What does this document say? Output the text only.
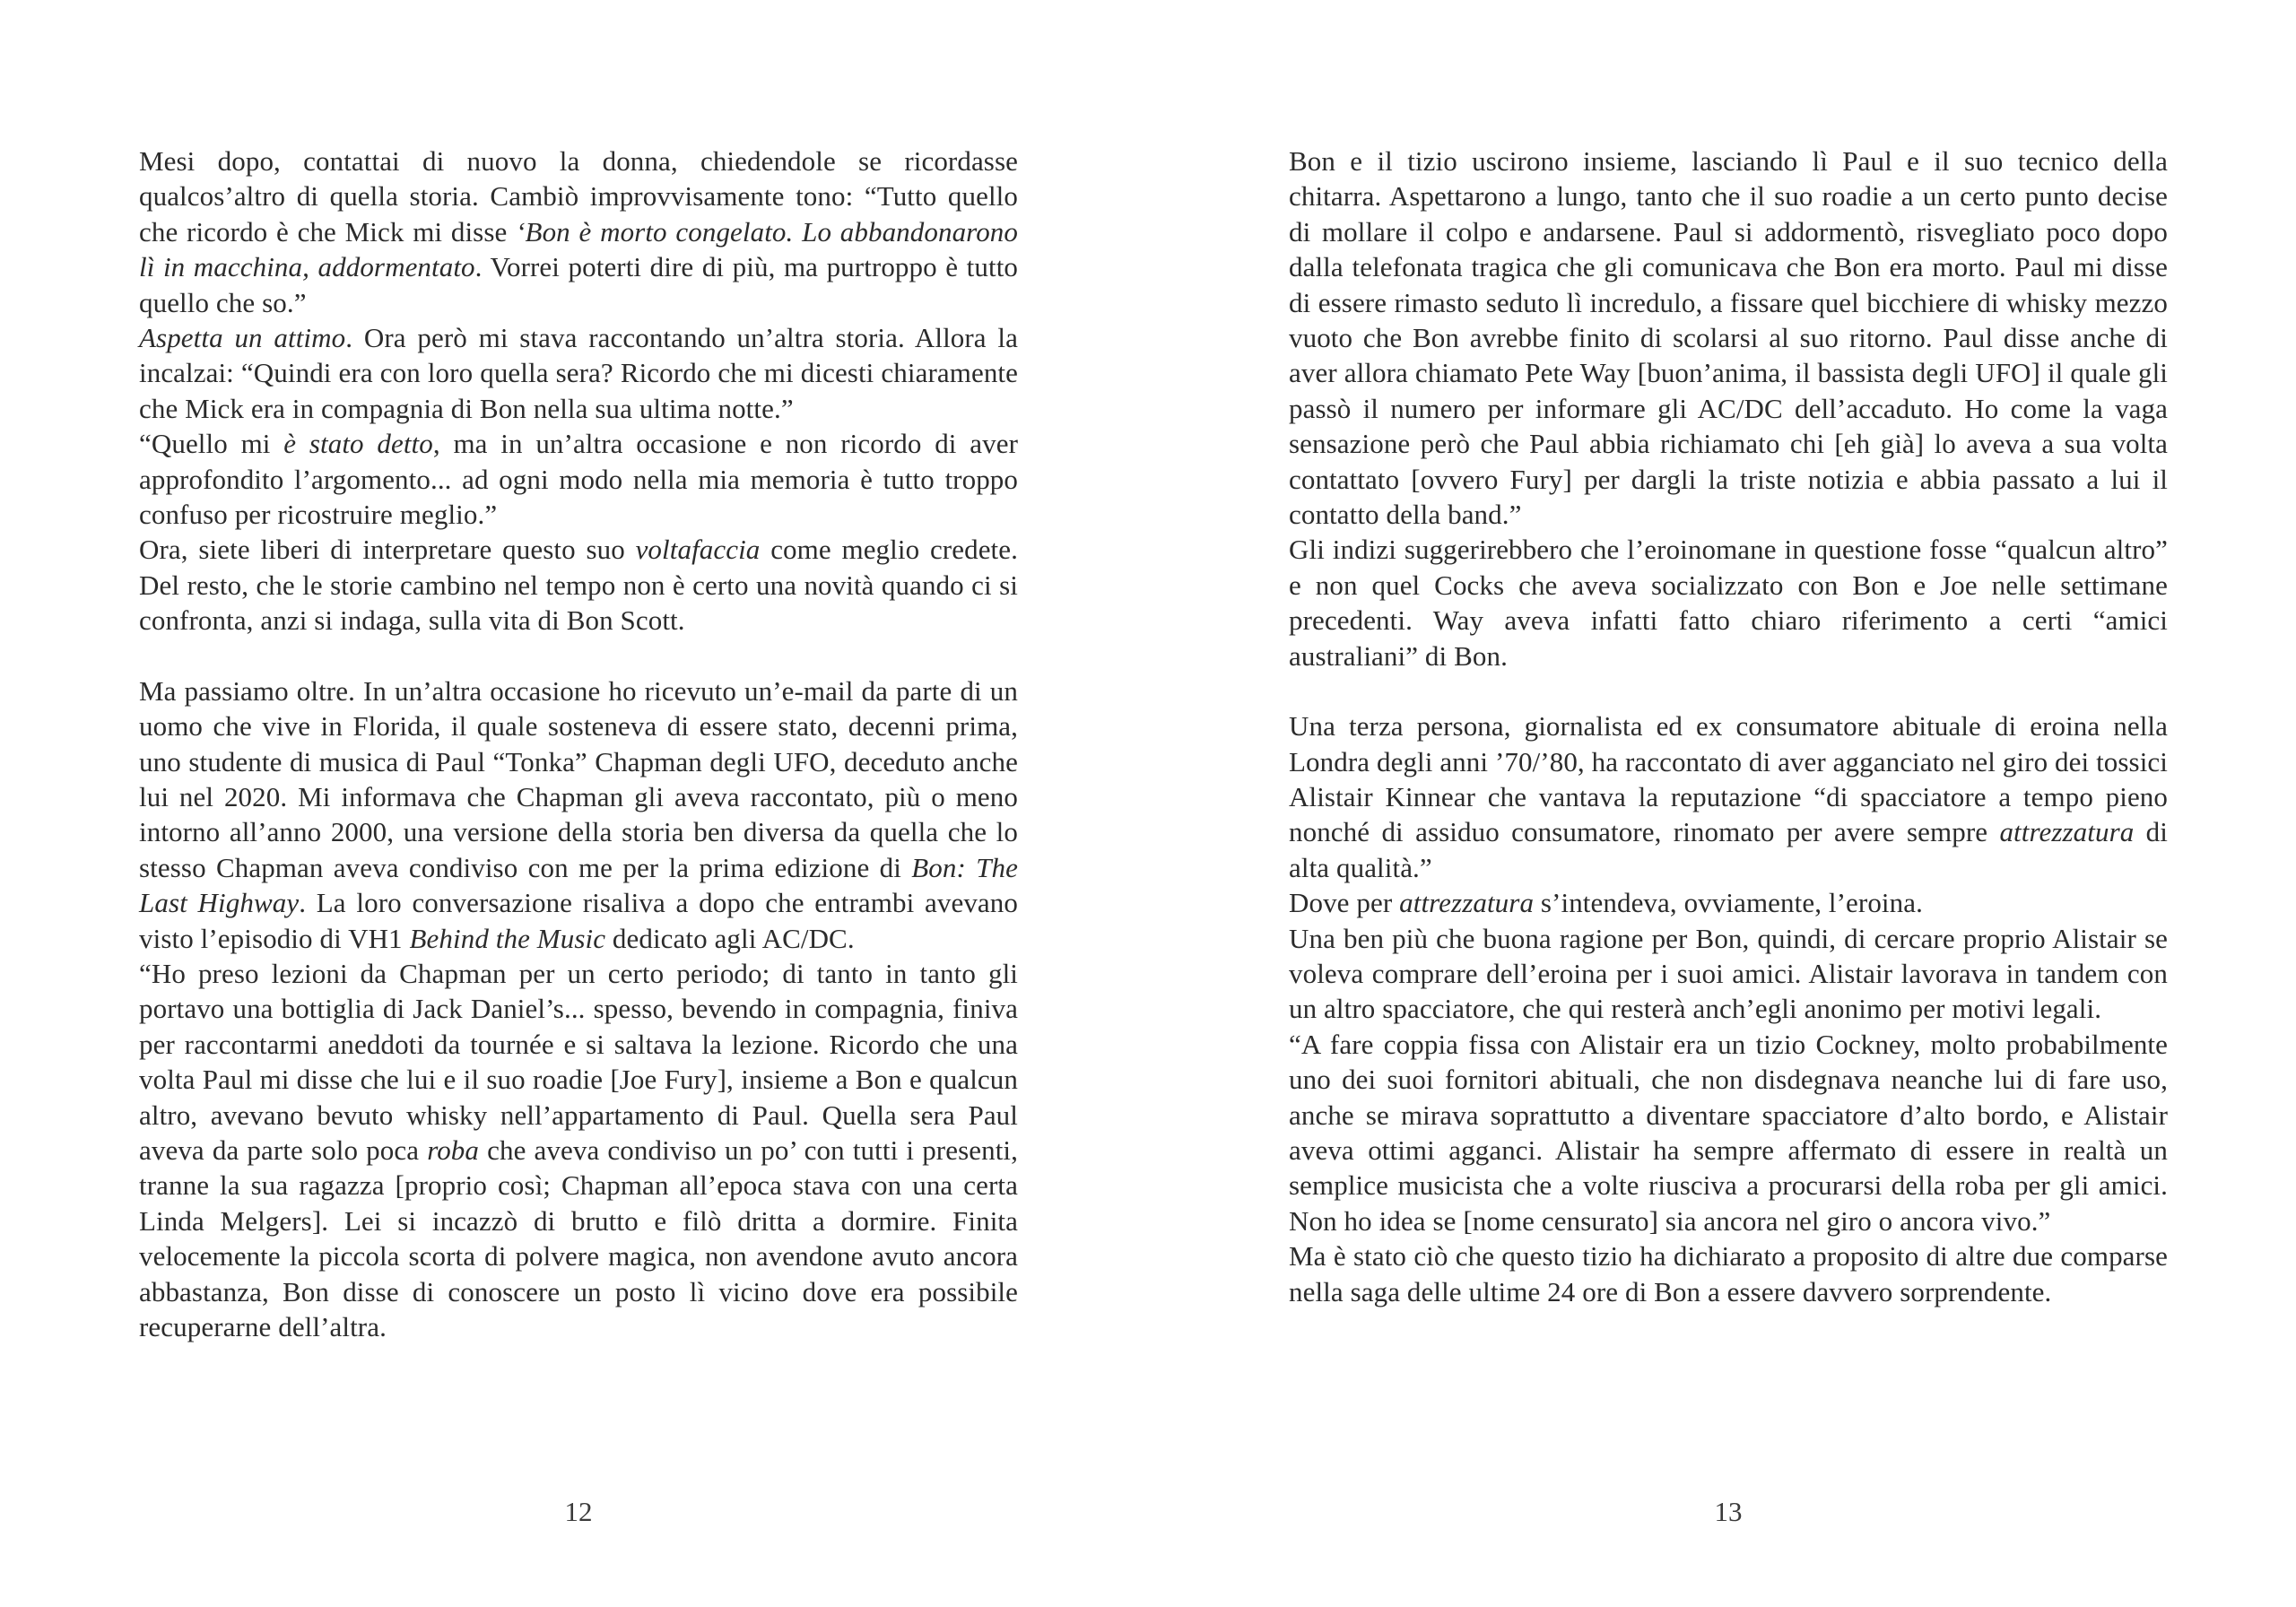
Mesi dopo, contattai di nuovo la donna, chiedendole se ricordasse qualcos’altro di quella storia. Cambiò improvvisamente tono: “Tutto quello che ricordo è che Mick mi disse ‘Bon è morto congelato. Lo abbandonarono lì in macchina, addormentato. Vorrei poterti dire di più, ma purtroppo è tutto quello che so.”

Aspetta un attimo. Ora però mi stava raccontando un’altra storia. Allora la incalzai: “Quindi era con loro quella sera? Ricordo che mi dicesti chiaramente che Mick era in compagnia di Bon nella sua ultima notte.”

“Quello mi è stato detto, ma in un’altra occasione e non ricordo di aver approfondito l’argomento... ad ogni modo nella mia memoria è tutto troppo confuso per ricostruire meglio.”

Ora, siete liberi di interpretare questo suo voltafaccia come meglio credete. Del resto, che le storie cambino nel tempo non è certo una novità quando ci si confronta, anzi si indaga, sulla vita di Bon Scott.

Ma passiamo oltre. In un’altra occasione ho ricevuto un’e-mail da parte di un uomo che vive in Florida, il quale sosteneva di essere stato, decenni prima, uno studente di musica di Paul “Tonka” Chapman degli UFO, deceduto anche lui nel 2020. Mi informava che Chapman gli aveva raccontato, più o meno intorno all’anno 2000, una versione della storia ben diversa da quella che lo stesso Chapman aveva condiviso con me per la prima edizione di Bon: The Last Highway. La loro conversazione risaliva a dopo che entrambi avevano visto l’episodio di VH1 Behind the Music dedicato agli AC/DC.

“Ho preso lezioni da Chapman per un certo periodo; di tanto in tanto gli portavo una bottiglia di Jack Daniel’s... spesso, bevendo in compagnia, finiva per raccontarmi aneddoti da tournée e si saltava la lezione. Ricordo che una volta Paul mi disse che lui e il suo roadie [Joe Fury], insieme a Bon e qualcun altro, avevano bevuto whisky nell’appartamento di Paul. Quella sera Paul aveva da parte solo poca roba che aveva condiviso un po’ con tutti i presenti, tranne la sua ragazza [proprio così; Chapman all’epoca stava con una certa Linda Melgers]. Lei si incazzò di brutto e filò dritta a dormire. Finita velocemente la piccola scorta di polvere magica, non avendone avuto ancora abbastanza, Bon disse di conoscere un posto lì vicino dove era possibile recuperarne dell’altra.

12

Bon e il tizio uscirono insieme, lasciando lì Paul e il suo tecnico della chitarra. Aspettarono a lungo, tanto che il suo roadie a un certo punto decise di mollare il colpo e andarsene. Paul si addormentò, risvegliato poco dopo dalla telefonata tragica che gli comunicava che Bon era morto. Paul mi disse di essere rimasto seduto lì incredulo, a fissare quel bicchiere di whisky mezzo vuoto che Bon avrebbe finito di scolarsi al suo ritorno. Paul disse anche di aver allora chiamato Pete Way [buon’anima, il bassista degli UFO] il quale gli passò il numero per informare gli AC/DC dell’accaduto. Ho come la vaga sensazione però che Paul abbia richiamato chi [eh già] lo aveva a sua volta contattato [ovvero Fury] per dargli la triste notizia e abbia passato a lui il contatto della band.”

Gli indizi suggerirebbero che l’eroinomane in questione fosse “qualcun altro” e non quel Cocks che aveva socializzato con Bon e Joe nelle settimane precedenti. Way aveva infatti fatto chiaro riferimento a certi “amici australiani” di Bon.

Una terza persona, giornalista ed ex consumatore abituale di eroina nella Londra degli anni ’70/’80, ha raccontato di aver agganciato nel giro dei tossici Alistair Kinnear che vantava la reputazione “di spacciatore a tempo pieno nonché di assiduo consumatore, rinomato per avere sempre attrezzatura di alta qualità.”

Dove per attrezzatura s’intendeva, ovviamente, l’eroina.

Una ben più che buona ragione per Bon, quindi, di cercare proprio Alistair se voleva comprare dell’eroina per i suoi amici. Alistair lavorava in tandem con un altro spacciatore, che qui resterà anch’egli anonimo per motivi legali.

“A fare coppia fissa con Alistair era un tizio Cockney, molto probabilmente uno dei suoi fornitori abituali, che non disdegnava neanche lui di fare uso, anche se mirava soprattutto a diventare spacciatore d’alto bordo, e Alistair aveva ottimi agganci. Alistair ha sempre affermato di essere in realtà un semplice musicista che a volte riusciva a procurarsi della roba per gli amici. Non ho idea se [nome censurato] sia ancora nel giro o ancora vivo.”

Ma è stato ciò che questo tizio ha dichiarato a proposito di altre due comparse nella saga delle ultime 24 ore di Bon a essere davvero sorprendente.

13
